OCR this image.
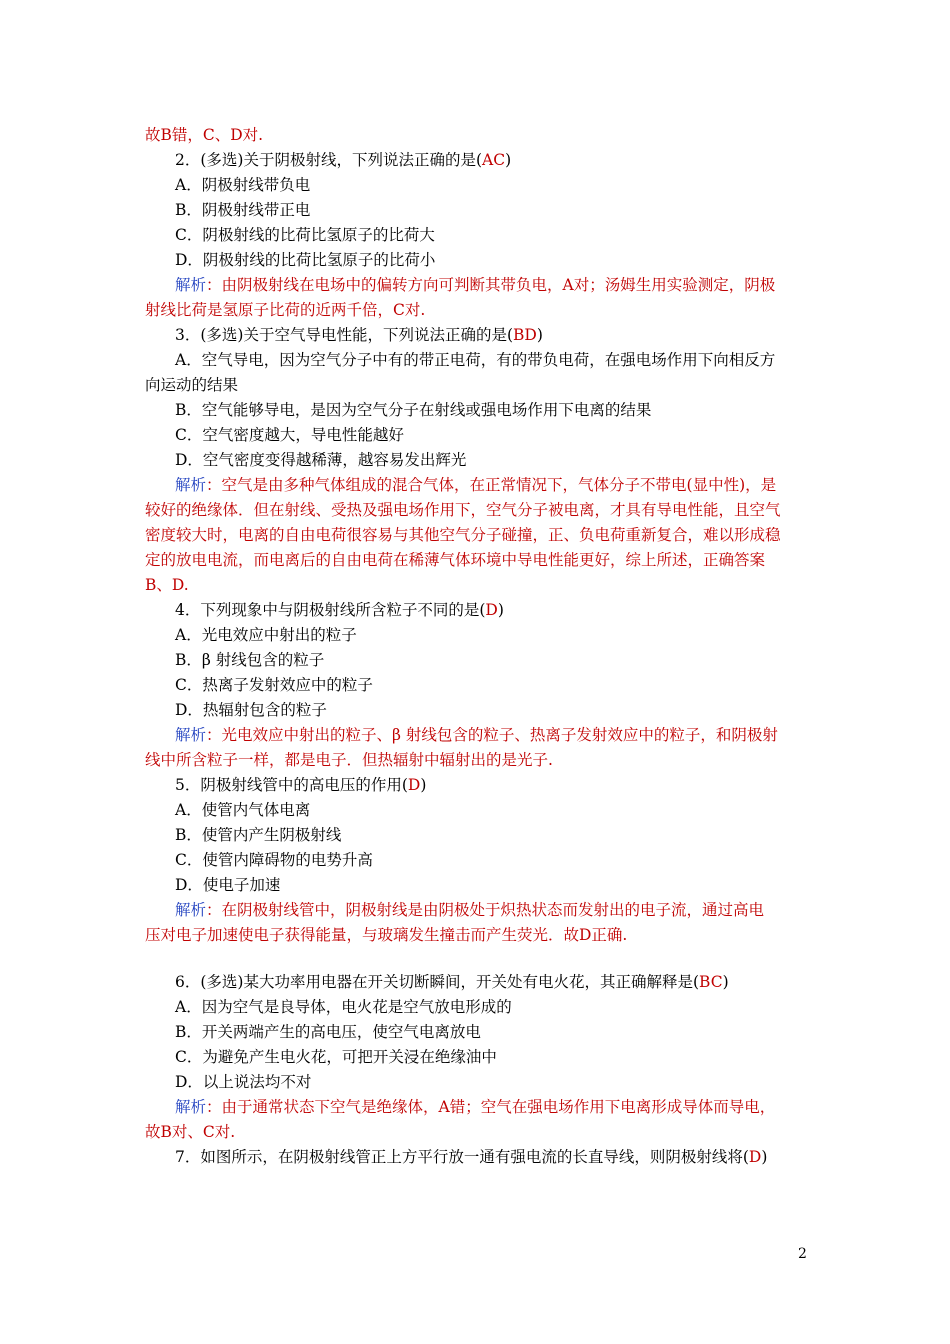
故B错，C、D对.
2．(多选)关于阴极射线，下列说法正确的是(AC)
A．阴极射线带负电
B．阴极射线带正电
C．阴极射线的比荷比氢原子的比荷大
D．阴极射线的比荷比氢原子的比荷小
解析：由阴极射线在电场中的偏转方向可判断其带负电，A对；汤姆生用实验测定，阴极
射线比荷是氢原子比荷的近两千倍，C对.
3．(多选)关于空气导电性能，下列说法正确的是(BD)
A．空气导电，因为空气分子中有的带正电荷，有的带负电荷，在强电场作用下向相反方
向运动的结果
B．空气能够导电，是因为空气分子在射线或强电场作用下电离的结果
C．空气密度越大，导电性能越好
D．空气密度变得越稀薄，越容易发出辉光
解析：空气是由多种气体组成的混合气体，在正常情况下，气体分子不带电(显中性)，是
较好的绝缘体．但在射线、受热及强电场作用下，空气分子被电离，才具有导电性能，且空气
密度较大时，电离的自由电荷很容易与其他空气分子碰撞，正、负电荷重新复合，难以形成稳
定的放电电流，而电离后的自由电荷在稀薄气体环境中导电性能更好，综上所述，正确答案
B、D.
4．下列现象中与阴极射线所含粒子不同的是(D)
A．光电效应中射出的粒子
B．β 射线包含的粒子
C．热离子发射效应中的粒子
D．热辐射包含的粒子
解析：光电效应中射出的粒子、β 射线包含的粒子、热离子发射效应中的粒子，和阴极射
线中所含粒子一样，都是电子．但热辐射中辐射出的是光子.
5．阴极射线管中的高电压的作用(D)
A．使管内气体电离
B．使管内产生阴极射线
C．使管内障碍物的电势升高
D．使电子加速
解析：在阴极射线管中，阴极射线是由阴极处于炽热状态而发射出的电子流，通过高电
压对电子加速使电子获得能量，与玻璃发生撞击而产生荧光．故D正确.
6．(多选)某大功率用电器在开关切断瞬间，开关处有电火花，其正确解释是(BC)
A．因为空气是良导体，电火花是空气放电形成的
B．开关两端产生的高电压，使空气电离放电
C．为避免产生电火花，可把开关浸在绝缘油中
D．以上说法均不对
解析：由于通常状态下空气是绝缘体，A错；空气在强电场作用下电离形成导体而导电，
故B对、C对.
7．如图所示，在阴极射线管正上方平行放一通有强电流的长直导线，则阴极射线将(D)
2
